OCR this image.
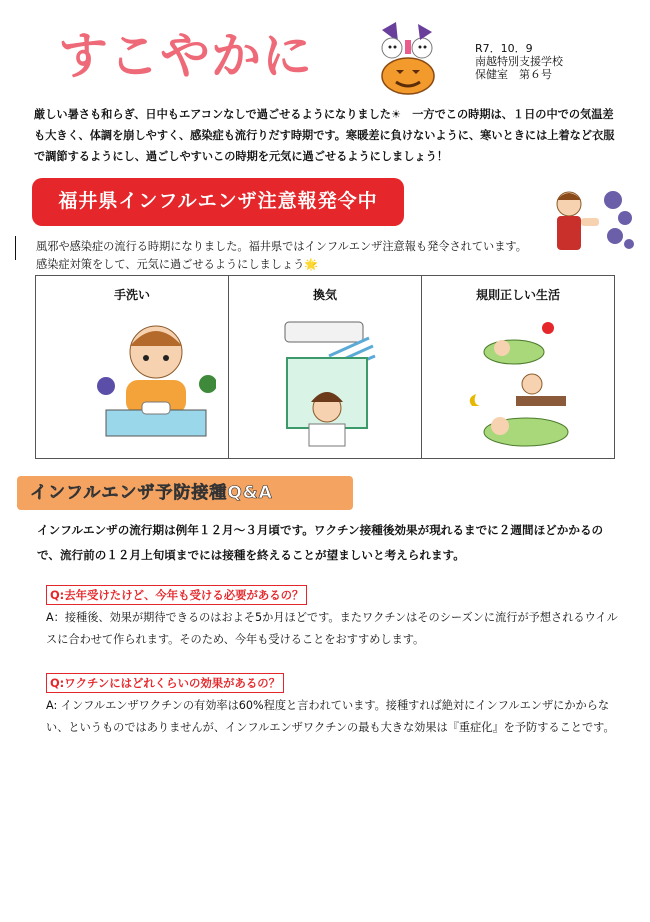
すこやかに	R7．10．9
南越特別支援学校
保健室　第６号
厳しい暑さも和らぎ、日中もエアコンなしで過ごせるようになりました☀　一方でこの時期は、１日の中での気温差も大きく、体調を崩しやすく、感染症も流行りだす時期です。寒暖差に負けないように、寒いときには上着など衣服で調節するようにし、過ごしやすいこの時期を元気に過ごせるようにしましょう！
福井県インフルエンザ注意報発令中
風邪や感染症の流行る時期になりました。福井県ではインフルエンザ注意報も発令されています。
感染症対策をして、元気に過ごせるようにしましょう🌟
手洗い	換気	規則正しい生活
インフルエンザ予防接種Q&A
インフルエンザの流行期は例年１２月～３月頃です。ワクチン接種後効果が現れるまでに２週間ほどかかるので、流行前の１２月上旬頃までには接種を終えることが望ましいと考えられます。
Q:去年受けたけど、今年も受ける必要があるの？
A：接種後、効果が期待できるのはおよそ5か月ほどです。またワクチンはそのシーズンに流行が予想されるウイルスに合わせて作られます。そのため、今年も受けることをおすすめします。
Q:ワクチンにはどれくらいの効果があるの？
A: インフルエンザワクチンの有効率は60%程度と言われています。接種すれば絶対にインフルエンザにかからない、というものではありませんが、インフルエンザワクチンの最も大きな効果は『重症化』を予防することです。
